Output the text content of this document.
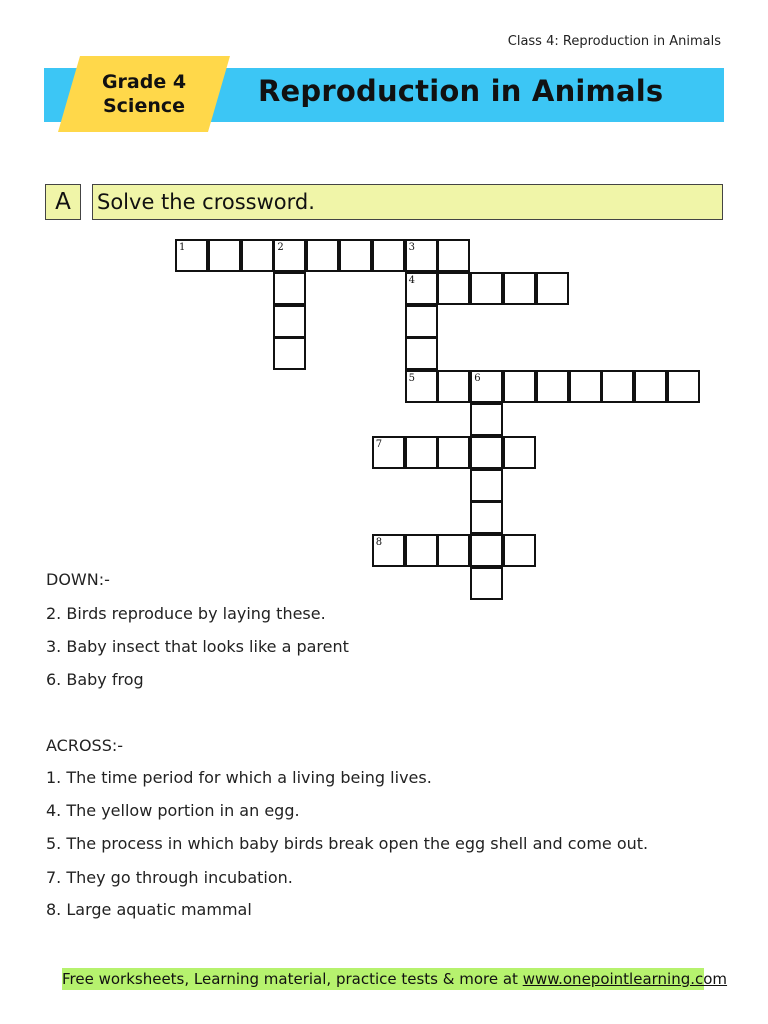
Class 4: Reproduction in Animals
Grade 4
Science	Reproduction in Animals
A	Solve the crossword.
1	2	3
4
5	6
7
8
DOWN:-
2. Birds reproduce by laying these.
3. Baby insect that looks like a parent
6. Baby frog
ACROSS:-
1. The time period for which a living being lives.
4. The yellow portion in an egg.
5. The process in which baby birds break open the egg shell and come out.
7. They go through incubation.
8. Large aquatic mammal
Free worksheets, Learning material, practice tests & more at www.onepointlearning.com
